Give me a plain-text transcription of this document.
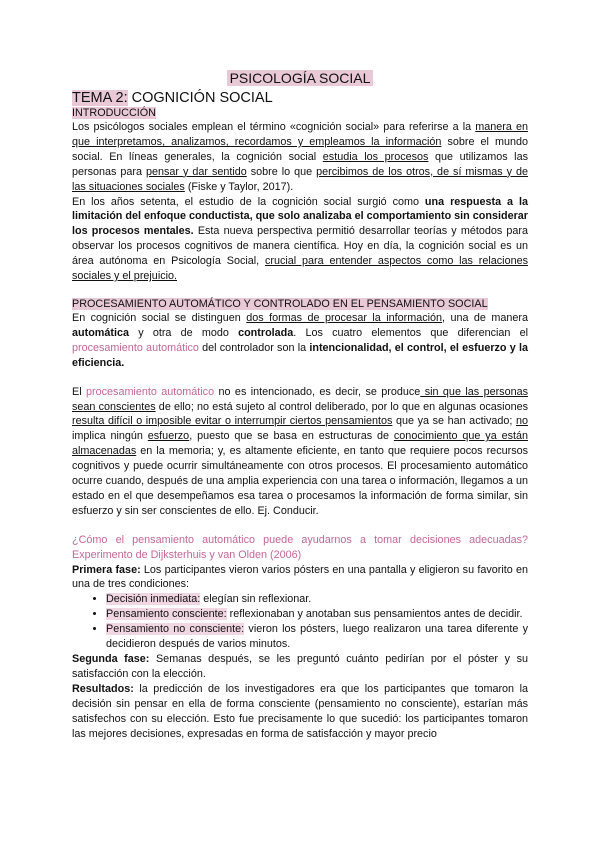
PSICOLOGÍA SOCIAL
TEMA 2: COGNICIÓN SOCIAL
INTRODUCCIÓN

Los psicólogos sociales emplean el término «cognición social» para referirse a la manera en que interpretamos, analizamos, recordamos y empleamos la información sobre el mundo social. En líneas generales, la cognición social estudia los procesos que utilizamos las personas para pensar y dar sentido sobre lo que percibimos de los otros, de sí mismas y de las situaciones sociales (Fiske y Taylor, 2017).

En los años setenta, el estudio de la cognición social surgió como una respuesta a la limitación del enfoque conductista, que solo analizaba el comportamiento sin considerar los procesos mentales. Esta nueva perspectiva permitió desarrollar teorías y métodos para observar los procesos cognitivos de manera científica. Hoy en día, la cognición social es un área autónoma en Psicología Social, crucial para entender aspectos como las relaciones sociales y el prejuicio.

PROCESAMIENTO AUTOMÁTICO Y CONTROLADO EN EL PENSAMIENTO SOCIAL

En cognición social se distinguen dos formas de procesar la información, una de manera automática y otra de modo controlada. Los cuatro elementos que diferencian el procesamiento automático del controlador son la intencionalidad, el control, el esfuerzo y la eficiencia.

El procesamiento automático no es intencionado, es decir, se produce sin que las personas sean conscientes de ello; no está sujeto al control deliberado, por lo que en algunas ocasiones resulta difícil o imposible evitar o interrumpir ciertos pensamientos que ya se han activado; no implica ningún esfuerzo, puesto que se basa en estructuras de conocimiento que ya están almacenadas en la memoria; y, es altamente eficiente, en tanto que requiere pocos recursos cognitivos y puede ocurrir simultáneamente con otros procesos. El procesamiento automático ocurre cuando, después de una amplia experiencia con una tarea o información, llegamos a un estado en el que desempeñamos esa tarea o procesamos la información de forma similar, sin esfuerzo y sin ser conscientes de ello. Ej. Conducir.

¿Cómo el pensamiento automático puede ayudarnos a tomar decisiones adecuadas? Experimento de Dijksterhuis y van Olden (2006)

Primera fase: Los participantes vieron varios pósters en una pantalla y eligieron su favorito en una de tres condiciones:

• Decisión inmediata: elegían sin reflexionar.
• Pensamiento consciente: reflexionaban y anotaban sus pensamientos antes de decidir.
• Pensamiento no consciente: vieron los pósters, luego realizaron una tarea diferente y decidieron después de varios minutos.

Segunda fase: Semanas después, se les preguntó cuánto pedirían por el póster y su satisfacción con la elección.

Resultados: la predicción de los investigadores era que los participantes que tomaron la decisión sin pensar en ella de forma consciente (pensamiento no consciente), estarían más satisfechos con su elección. Esto fue precisamente lo que sucedió: los participantes tomaron las mejores decisiones, expresadas en forma de satisfacción y mayor precio
